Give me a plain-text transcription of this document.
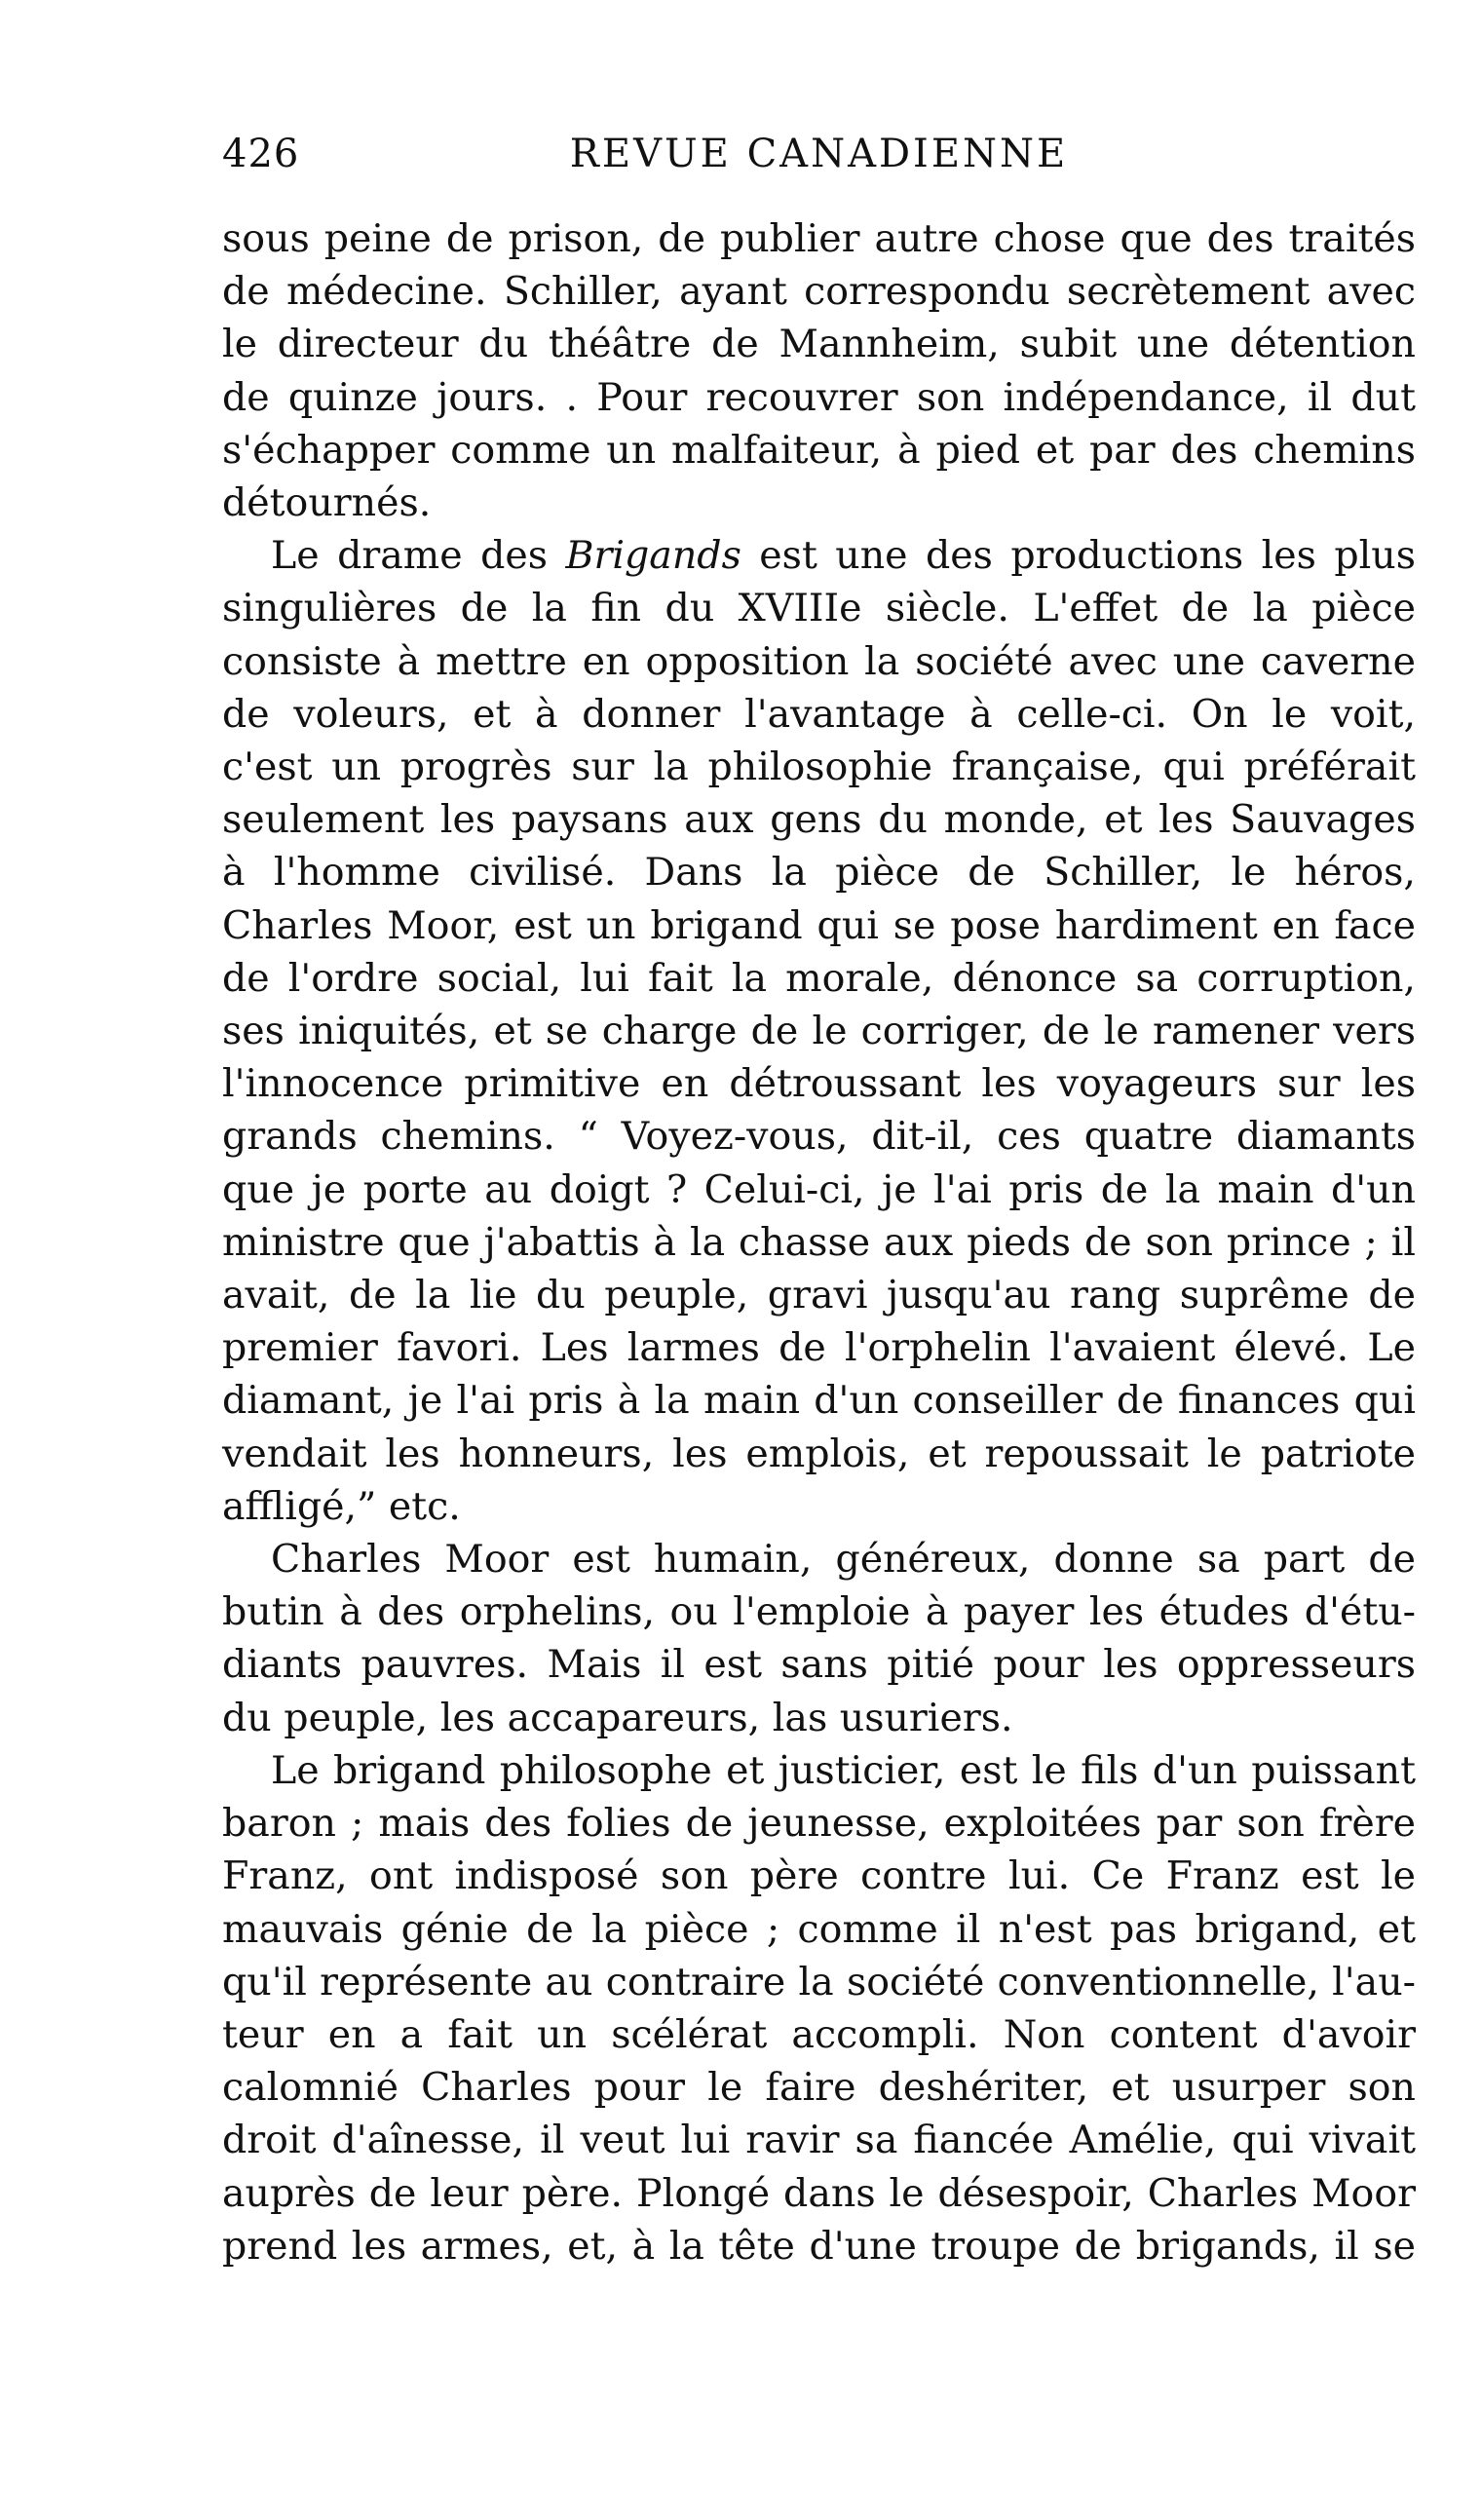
426	REVUE CANADIENNE

sous peine de prison, de publier autre chose que des traités
de médecine. Schiller, ayant correspondu secrètement avec
le directeur du théâtre de Mannheim, subit une détention
de quinze jours. . Pour recouvrer son indépendance, il dut
s'échapper comme un malfaiteur, à pied et par des chemins
détournés.

Le drame des Brigands est une des productions les plus
singulières de la fin du XVIIIe siècle. L'effet de la pièce
consiste à mettre en opposition la société avec une caverne
de voleurs, et à donner l'avantage à celle-ci. On le voit,
c'est un progrès sur la philosophie française, qui préférait
seulement les paysans aux gens du monde, et les Sauvages
à l'homme civilisé. Dans la pièce de Schiller, le héros,
Charles Moor, est un brigand qui se pose hardiment en face
de l'ordre social, lui fait la morale, dénonce sa corruption,
ses iniquités, et se charge de le corriger, de le ramener vers
l'innocence primitive en détroussant les voyageurs sur les
grands chemins. “ Voyez-vous, dit-il, ces quatre diamants
que je porte au doigt ? Celui-ci, je l'ai pris de la main d'un
ministre que j'abattis à la chasse aux pieds de son prince ; il
avait, de la lie du peuple, gravi jusqu'au rang suprême de
premier favori. Les larmes de l'orphelin l'avaient élevé. Le
diamant, je l'ai pris à la main d'un conseiller de finances qui
vendait les honneurs, les emplois, et repoussait le patriote
affligé,” etc.

Charles Moor est humain, généreux, donne sa part de
butin à des orphelins, ou l'emploie à payer les études d'étu-
diants pauvres. Mais il est sans pitié pour les oppresseurs
du peuple, les accapareurs, las usuriers.

Le brigand philosophe et justicier, est le fils d'un puissant
baron ; mais des folies de jeunesse, exploitées par son frère
Franz, ont indisposé son père contre lui. Ce Franz est le
mauvais génie de la pièce ; comme il n'est pas brigand, et
qu'il représente au contraire la société conventionnelle, l'au-
teur en a fait un scélérat accompli. Non content d'avoir
calomnié Charles pour le faire deshériter, et usurper son
droit d'aînesse, il veut lui ravir sa fiancée Amélie, qui vivait
auprès de leur père. Plongé dans le désespoir, Charles Moor
prend les armes, et, à la tête d'une troupe de brigands, il se
